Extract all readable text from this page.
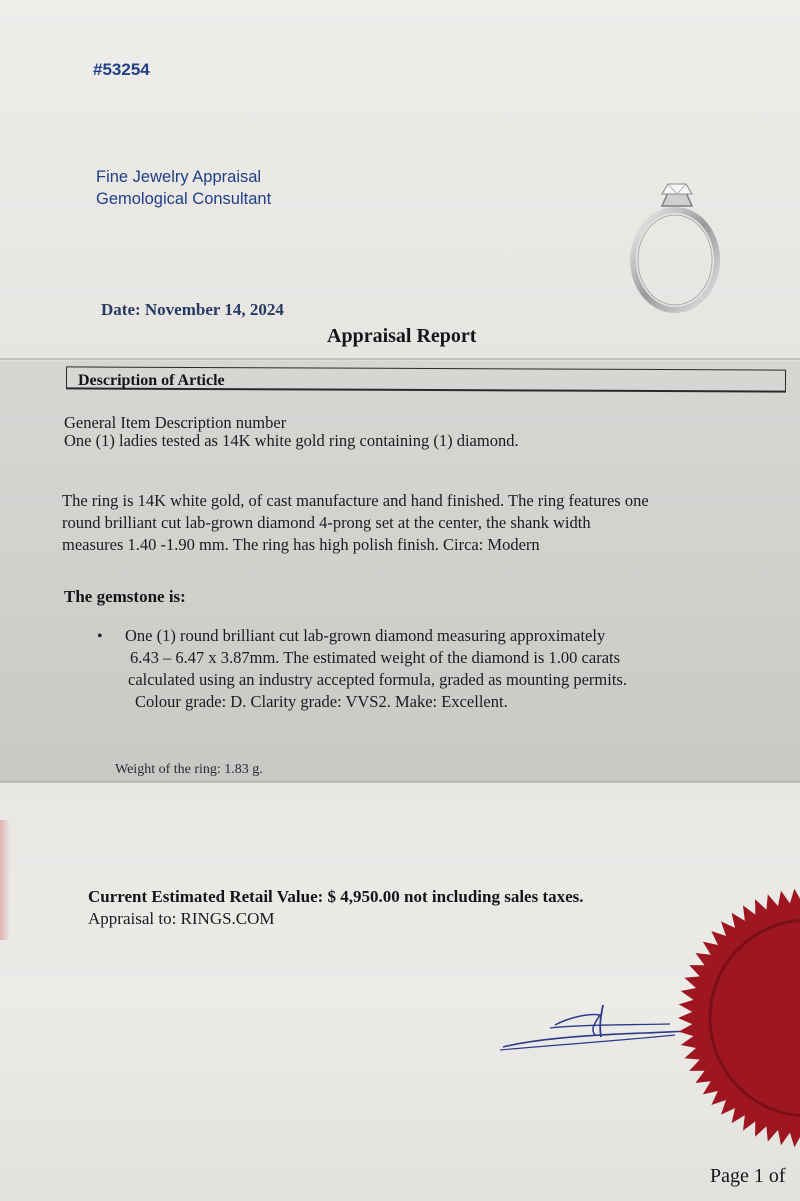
#53254
Fine Jewelry Appraisal
Gemological Consultant
Date: November 14, 2024
Appraisal Report
Description of Article
General Item Description number
One (1) ladies tested as 14K white gold ring containing (1) diamond.
The ring is 14K white gold, of cast manufacture and hand finished. The ring features one
round brilliant cut lab-grown diamond 4-prong set at the center, the shank width
measures 1.40 -1.90 mm. The ring has high polish finish. Circa: Modern
The gemstone is:
• One (1) round brilliant cut lab-grown diamond measuring approximately
6.43 – 6.47 x 3.87mm. The estimated weight of the diamond is 1.00 carats
calculated using an industry accepted formula, graded as mounting permits.
Colour grade: D. Clarity grade: VVS2. Make: Excellent.
Weight of the ring: 1.83 g.
Current Estimated Retail Value: $ 4,950.00 not including sales taxes.
Appraisal to: RINGS.COM
Page 1 of
